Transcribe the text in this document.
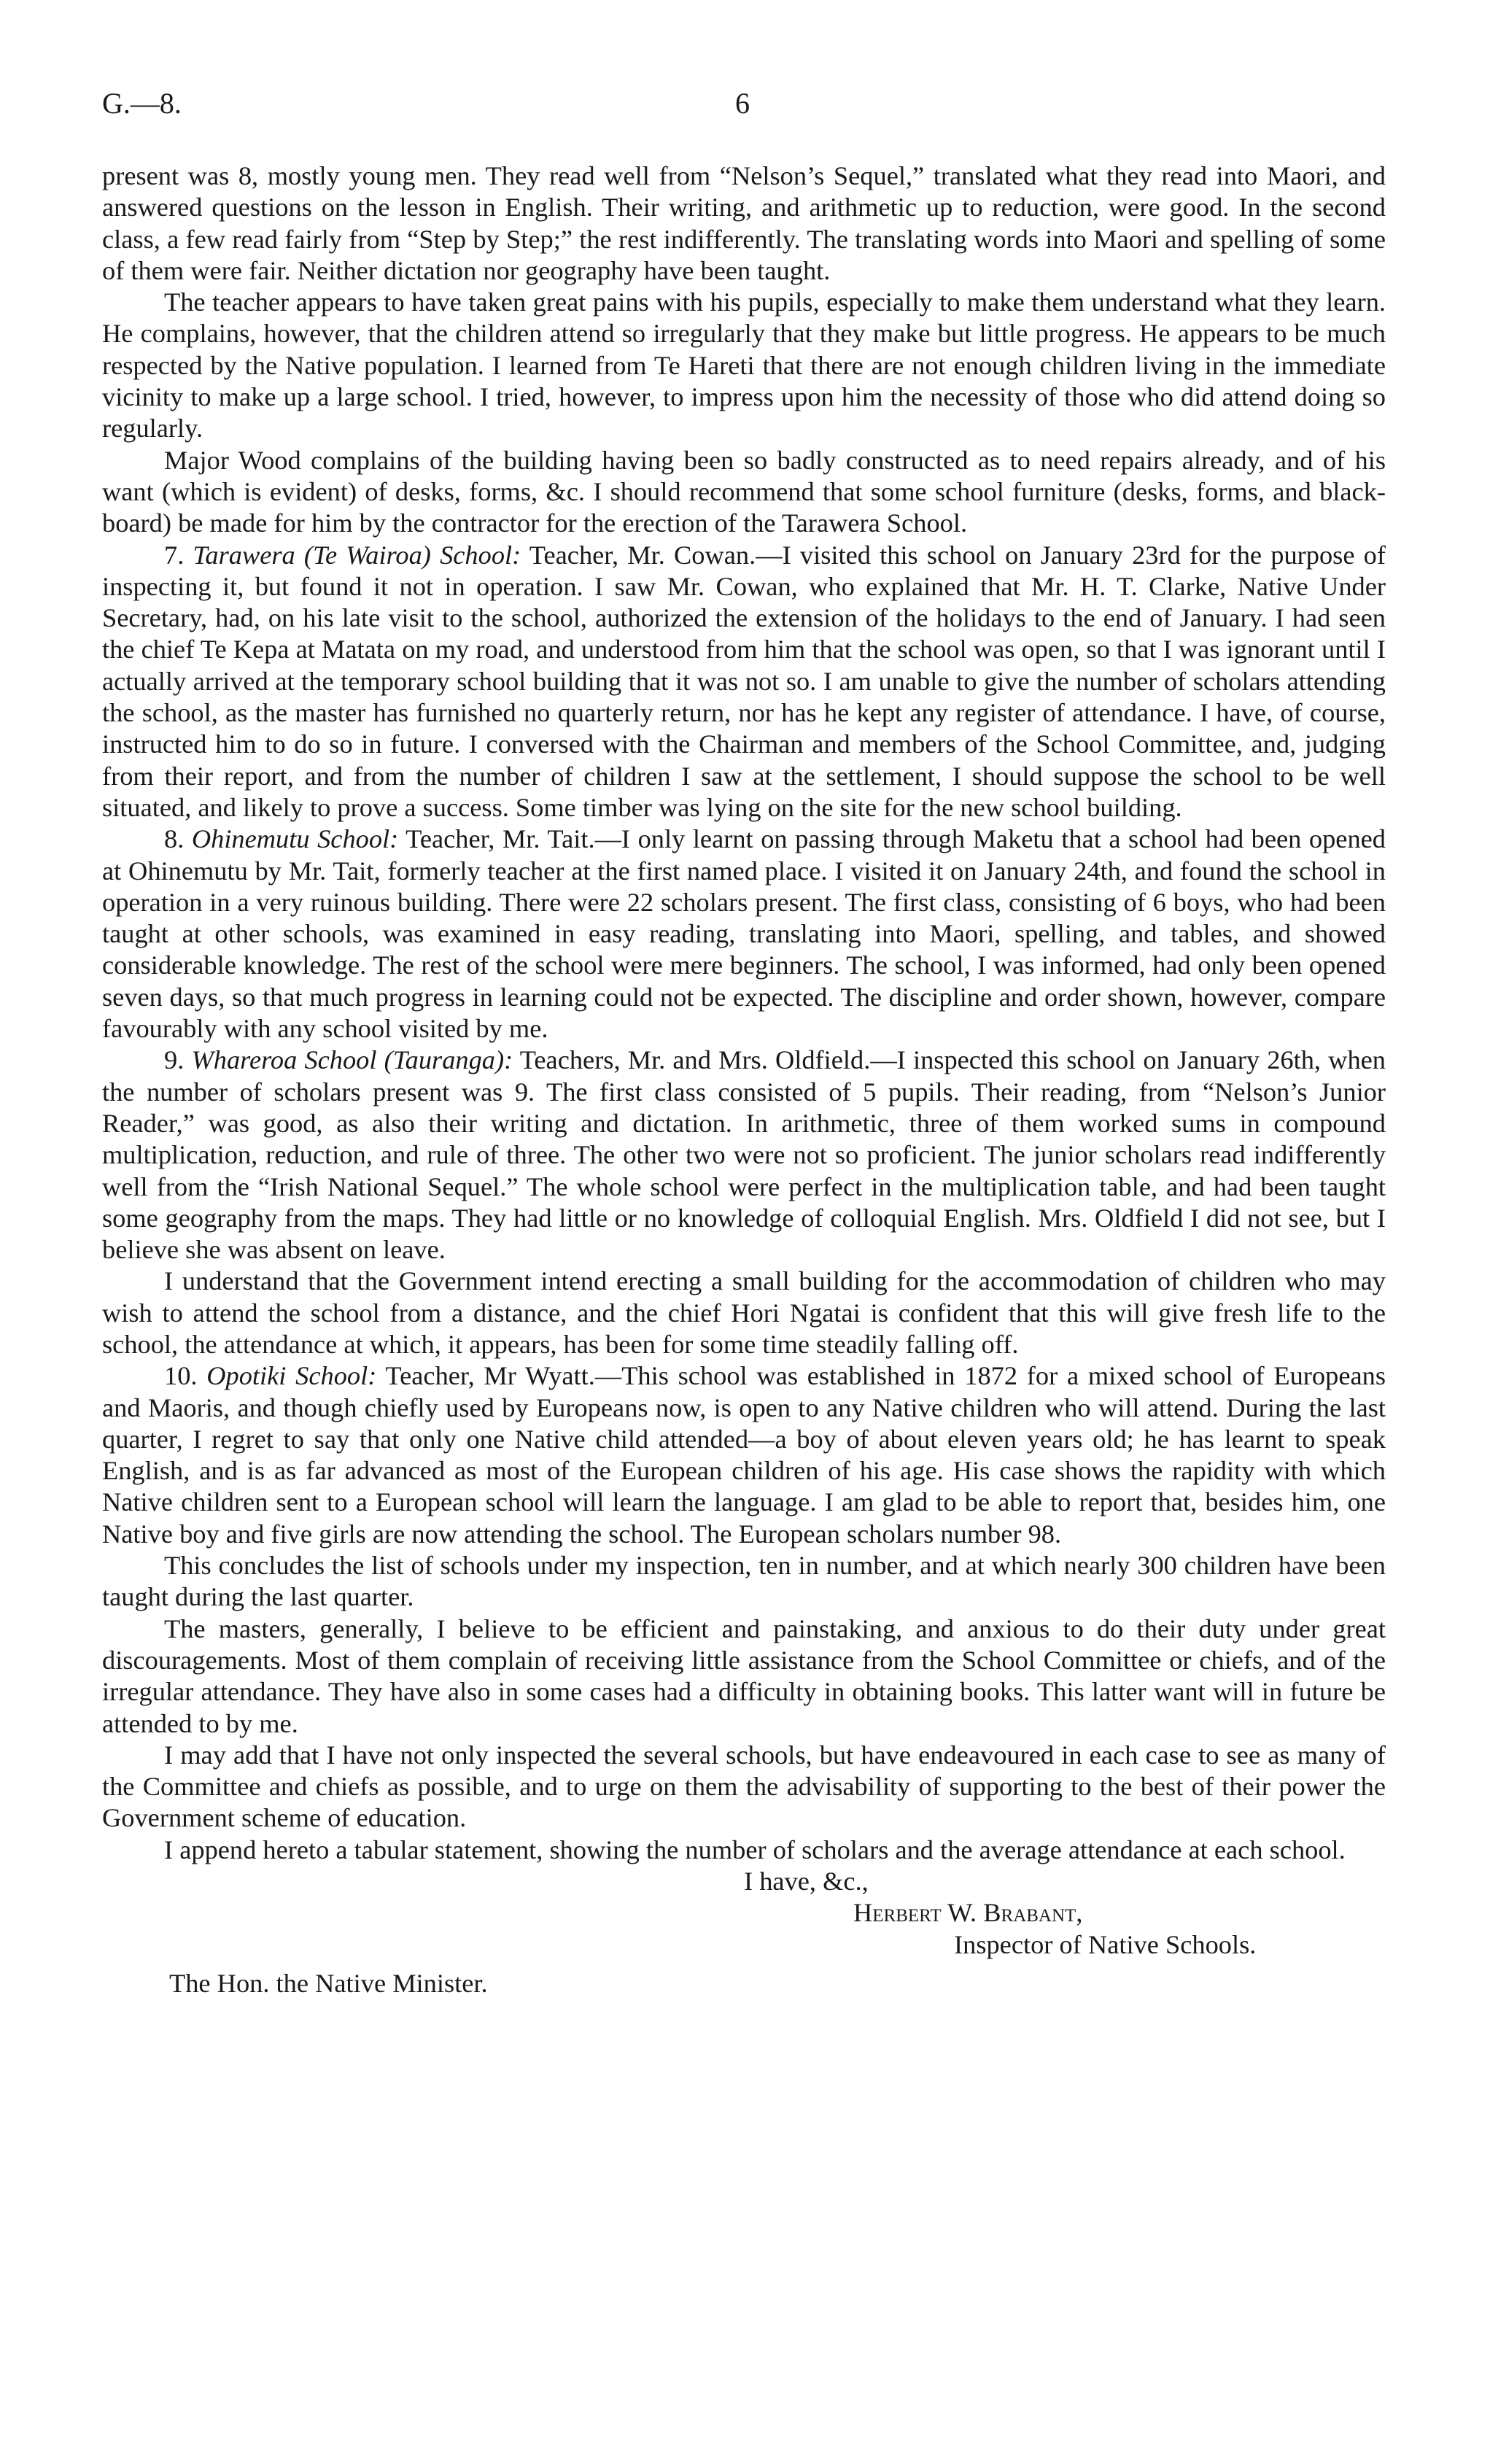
G.—8.	6

present was 8, mostly young men. They read well from “Nelson’s Sequel,” translated what they read into Maori, and answered questions on the lesson in English. Their writing, and arithmetic up to reduction, were good. In the second class, a few read fairly from “Step by Step;” the rest indifferently. The translating words into Maori and spelling of some of them were fair. Neither dictation nor geography have been taught.

The teacher appears to have taken great pains with his pupils, especially to make them understand what they learn. He complains, however, that the children attend so irregularly that they make but little progress. He appears to be much respected by the Native population. I learned from Te Hareti that there are not enough children living in the immediate vicinity to make up a large school. I tried, however, to impress upon him the necessity of those who did attend doing so regularly.

Major Wood complains of the building having been so badly constructed as to need repairs already, and of his want (which is evident) of desks, forms, &c. I should recommend that some school furniture (desks, forms, and black-board) be made for him by the contractor for the erection of the Tarawera School.

7. Tarawera (Te Wairoa) School: Teacher, Mr. Cowan.—I visited this school on January 23rd for the purpose of inspecting it, but found it not in operation. I saw Mr. Cowan, who explained that Mr. H. T. Clarke, Native Under Secretary, had, on his late visit to the school, authorized the extension of the holidays to the end of January. I had seen the chief Te Kepa at Matata on my road, and understood from him that the school was open, so that I was ignorant until I actually arrived at the temporary school building that it was not so. I am unable to give the number of scholars attending the school, as the master has furnished no quarterly return, nor has he kept any register of attendance. I have, of course, instructed him to do so in future. I conversed with the Chairman and members of the School Committee, and, judging from their report, and from the number of children I saw at the settlement, I should suppose the school to be well situated, and likely to prove a success. Some timber was lying on the site for the new school building.

8. Ohinemutu School: Teacher, Mr. Tait.—I only learnt on passing through Maketu that a school had been opened at Ohinemutu by Mr. Tait, formerly teacher at the first named place. I visited it on January 24th, and found the school in operation in a very ruinous building. There were 22 scholars present. The first class, consisting of 6 boys, who had been taught at other schools, was examined in easy reading, translating into Maori, spelling, and tables, and showed considerable knowledge. The rest of the school were mere beginners. The school, I was informed, had only been opened seven days, so that much progress in learning could not be expected. The discipline and order shown, however, compare favourably with any school visited by me.

9. Whareroa School (Tauranga): Teachers, Mr. and Mrs. Oldfield.—I inspected this school on January 26th, when the number of scholars present was 9. The first class consisted of 5 pupils. Their reading, from “Nelson’s Junior Reader,” was good, as also their writing and dictation. In arithmetic, three of them worked sums in compound multiplication, reduction, and rule of three. The other two were not so proficient. The junior scholars read indifferently well from the “Irish National Sequel.” The whole school were perfect in the multiplication table, and had been taught some geography from the maps. They had little or no knowledge of colloquial English. Mrs. Oldfield I did not see, but I believe she was absent on leave.

I understand that the Government intend erecting a small building for the accommodation of children who may wish to attend the school from a distance, and the chief Hori Ngatai is confident that this will give fresh life to the school, the attendance at which, it appears, has been for some time steadily falling off.

10. Opotiki School: Teacher, Mr Wyatt.—This school was established in 1872 for a mixed school of Europeans and Maoris, and though chiefly used by Europeans now, is open to any Native children who will attend. During the last quarter, I regret to say that only one Native child attended—a boy of about eleven years old; he has learnt to speak English, and is as far advanced as most of the European children of his age. His case shows the rapidity with which Native children sent to a European school will learn the language. I am glad to be able to report that, besides him, one Native boy and five girls are now attending the school. The European scholars number 98.

This concludes the list of schools under my inspection, ten in number, and at which nearly 300 children have been taught during the last quarter.

The masters, generally, I believe to be efficient and painstaking, and anxious to do their duty under great discouragements. Most of them complain of receiving little assistance from the School Committee or chiefs, and of the irregular attendance. They have also in some cases had a difficulty in obtaining books. This latter want will in future be attended to by me.

I may add that I have not only inspected the several schools, but have endeavoured in each case to see as many of the Committee and chiefs as possible, and to urge on them the advisability of supporting to the best of their power the Government scheme of education.

I append hereto a tabular statement, showing the number of scholars and the average attendance at each school.

I have, &c.,
Herbert W. Brabant,
Inspector of Native Schools.
The Hon. the Native Minister.
